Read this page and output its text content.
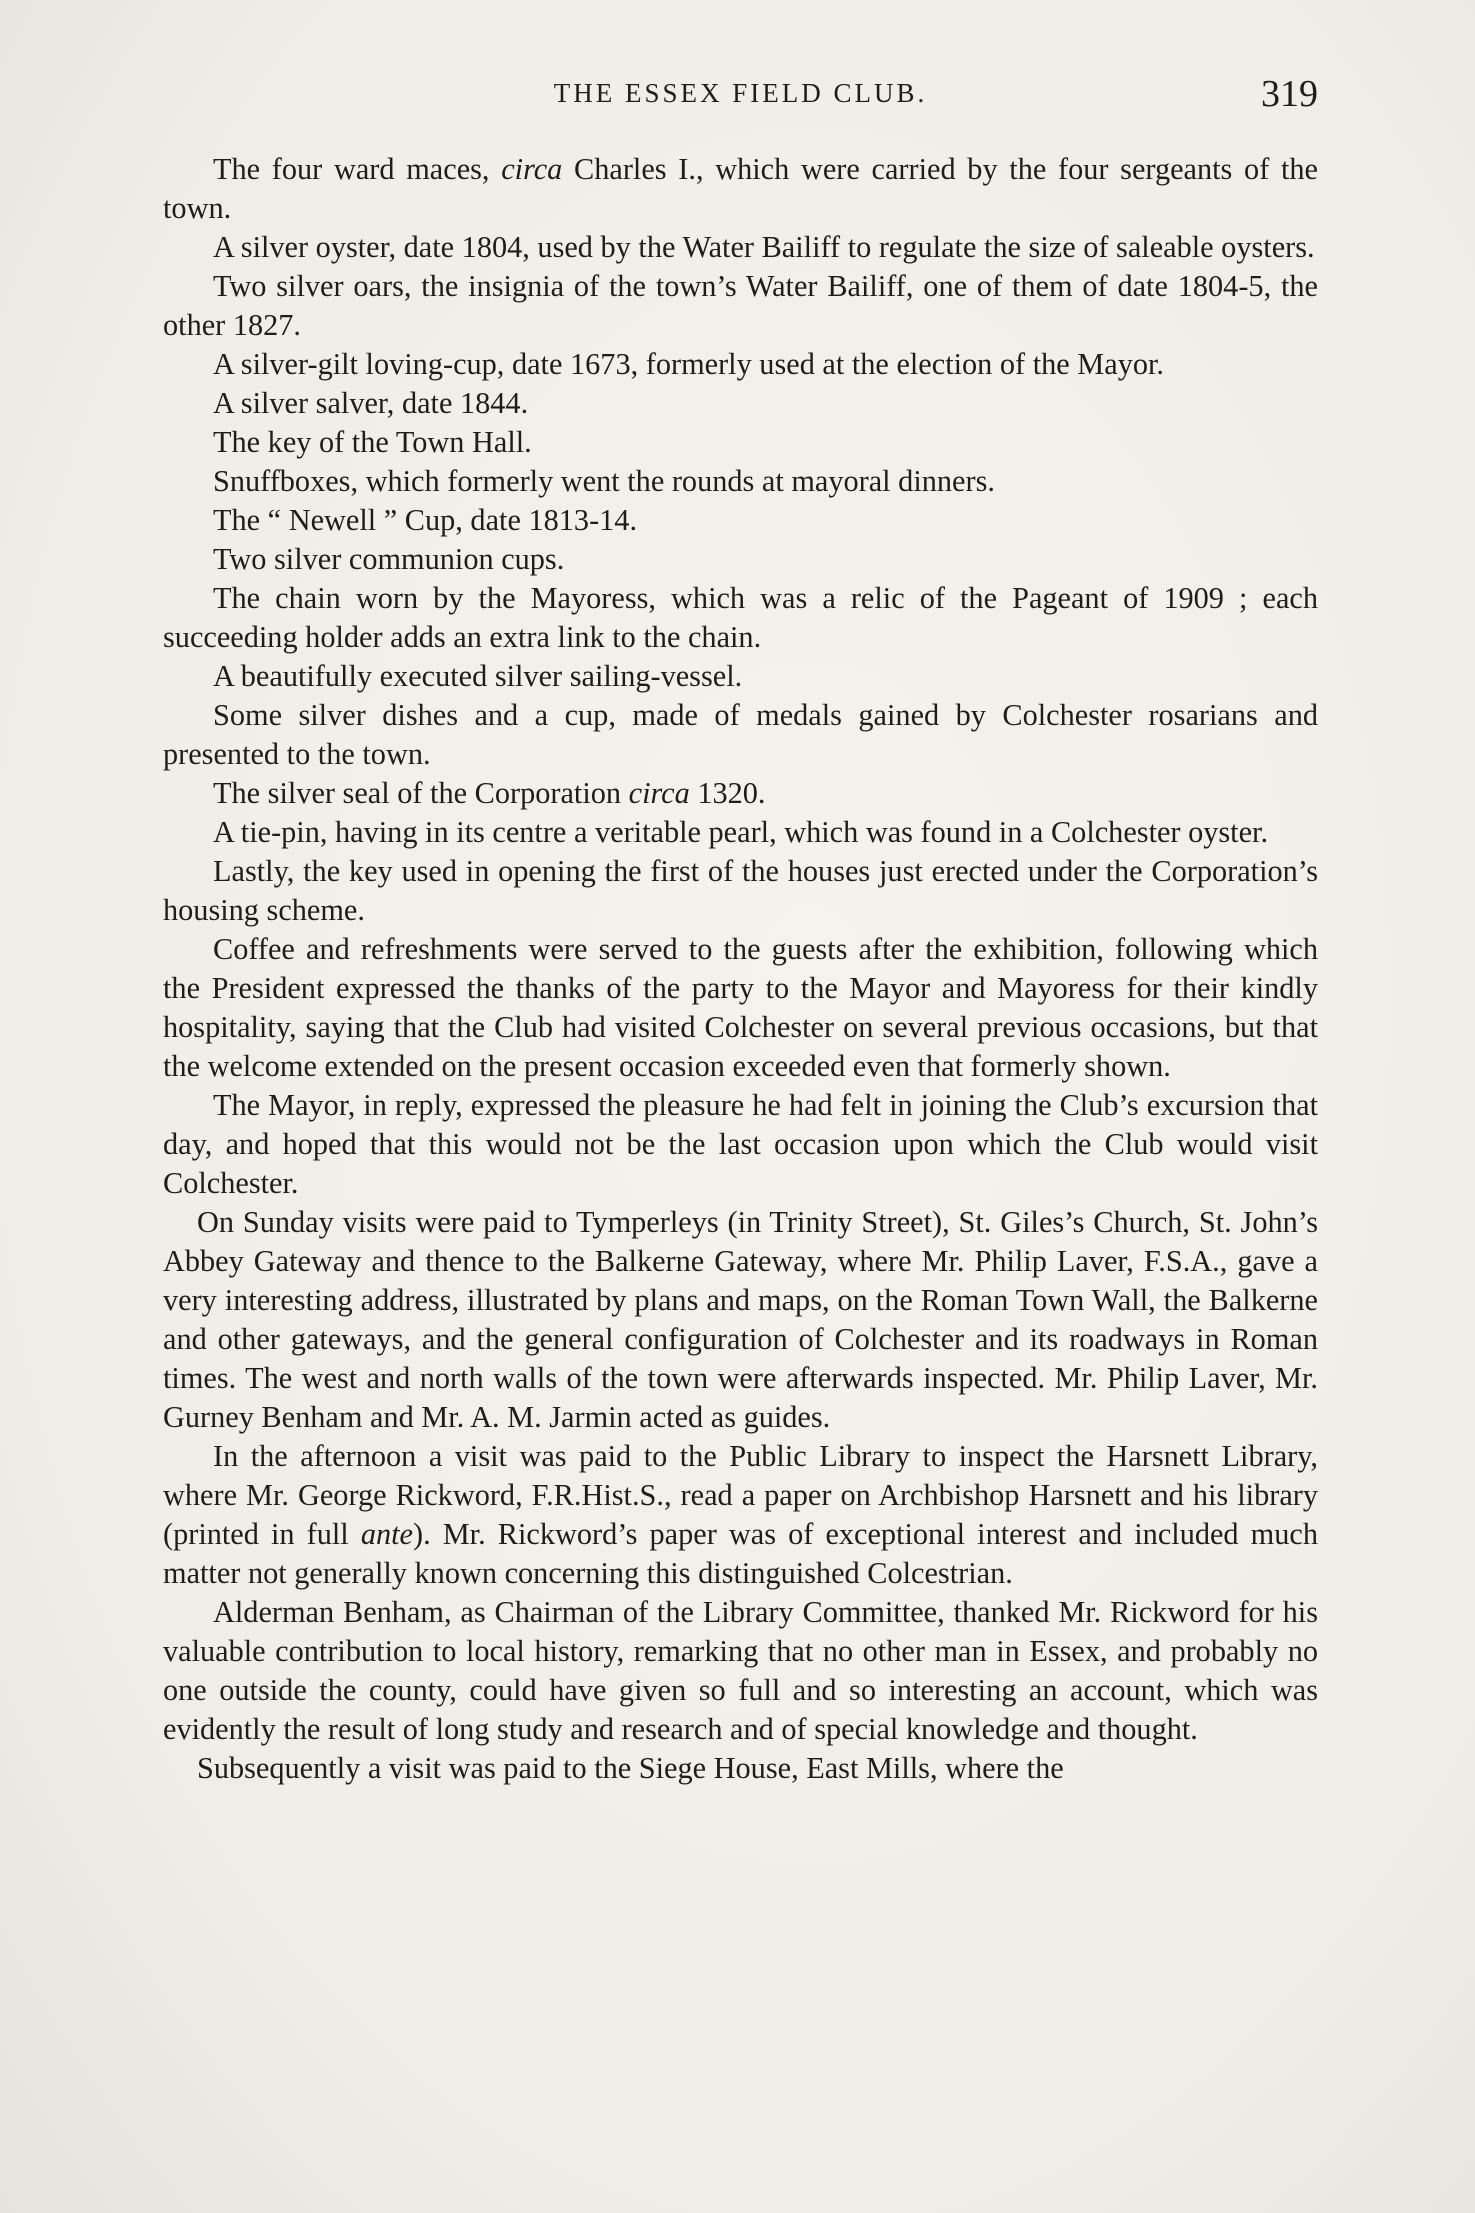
THE ESSEX FIELD CLUB.	319

The four ward maces, circa Charles I., which were carried by the four sergeants of the town.

A silver oyster, date 1804, used by the Water Bailiff to regulate the size of saleable oysters.

Two silver oars, the insignia of the town’s Water Bailiff, one of them of date 1804-5, the other 1827.

A silver-gilt loving-cup, date 1673, formerly used at the election of the Mayor.

A silver salver, date 1844.

The key of the Town Hall.

Snuffboxes, which formerly went the rounds at mayoral dinners.

The “ Newell ” Cup, date 1813-14.

Two silver communion cups.

The chain worn by the Mayoress, which was a relic of the Pageant of 1909 ; each succeeding holder adds an extra link to the chain.

A beautifully executed silver sailing-vessel.

Some silver dishes and a cup, made of medals gained by Colchester rosarians and presented to the town.

The silver seal of the Corporation circa 1320.

A tie-pin, having in its centre a veritable pearl, which was found in a Colchester oyster.

Lastly, the key used in opening the first of the houses just erected under the Corporation’s housing scheme.

Coffee and refreshments were served to the guests after the exhibition, following which the President expressed the thanks of the party to the Mayor and Mayoress for their kindly hospitality, saying that the Club had visited Colchester on several previous occasions, but that the welcome extended on the present occasion exceeded even that formerly shown.

The Mayor, in reply, expressed the pleasure he had felt in joining the Club’s excursion that day, and hoped that this would not be the last occasion upon which the Club would visit Colchester.

On Sunday visits were paid to Tymperleys (in Trinity Street), St. Giles’s Church, St. John’s Abbey Gateway and thence to the Balkerne Gateway, where Mr. Philip Laver, F.S.A., gave a very interesting address, illustrated by plans and maps, on the Roman Town Wall, the Balkerne and other gateways, and the general configuration of Colchester and its roadways in Roman times. The west and north walls of the town were afterwards inspected. Mr. Philip Laver, Mr. Gurney Benham and Mr. A. M. Jarmin acted as guides.

In the afternoon a visit was paid to the Public Library to inspect the Harsnett Library, where Mr. George Rickword, F.R.Hist.S., read a paper on Archbishop Harsnett and his library (printed in full ante). Mr. Rickword’s paper was of exceptional interest and included much matter not generally known concerning this distinguished Colcestrian.

Alderman Benham, as Chairman of the Library Committee, thanked Mr. Rickword for his valuable contribution to local history, remarking that no other man in Essex, and probably no one outside the county, could have given so full and so interesting an account, which was evidently the result of long study and research and of special knowledge and thought.

Subsequently a visit was paid to the Siege House, East Mills, where the
